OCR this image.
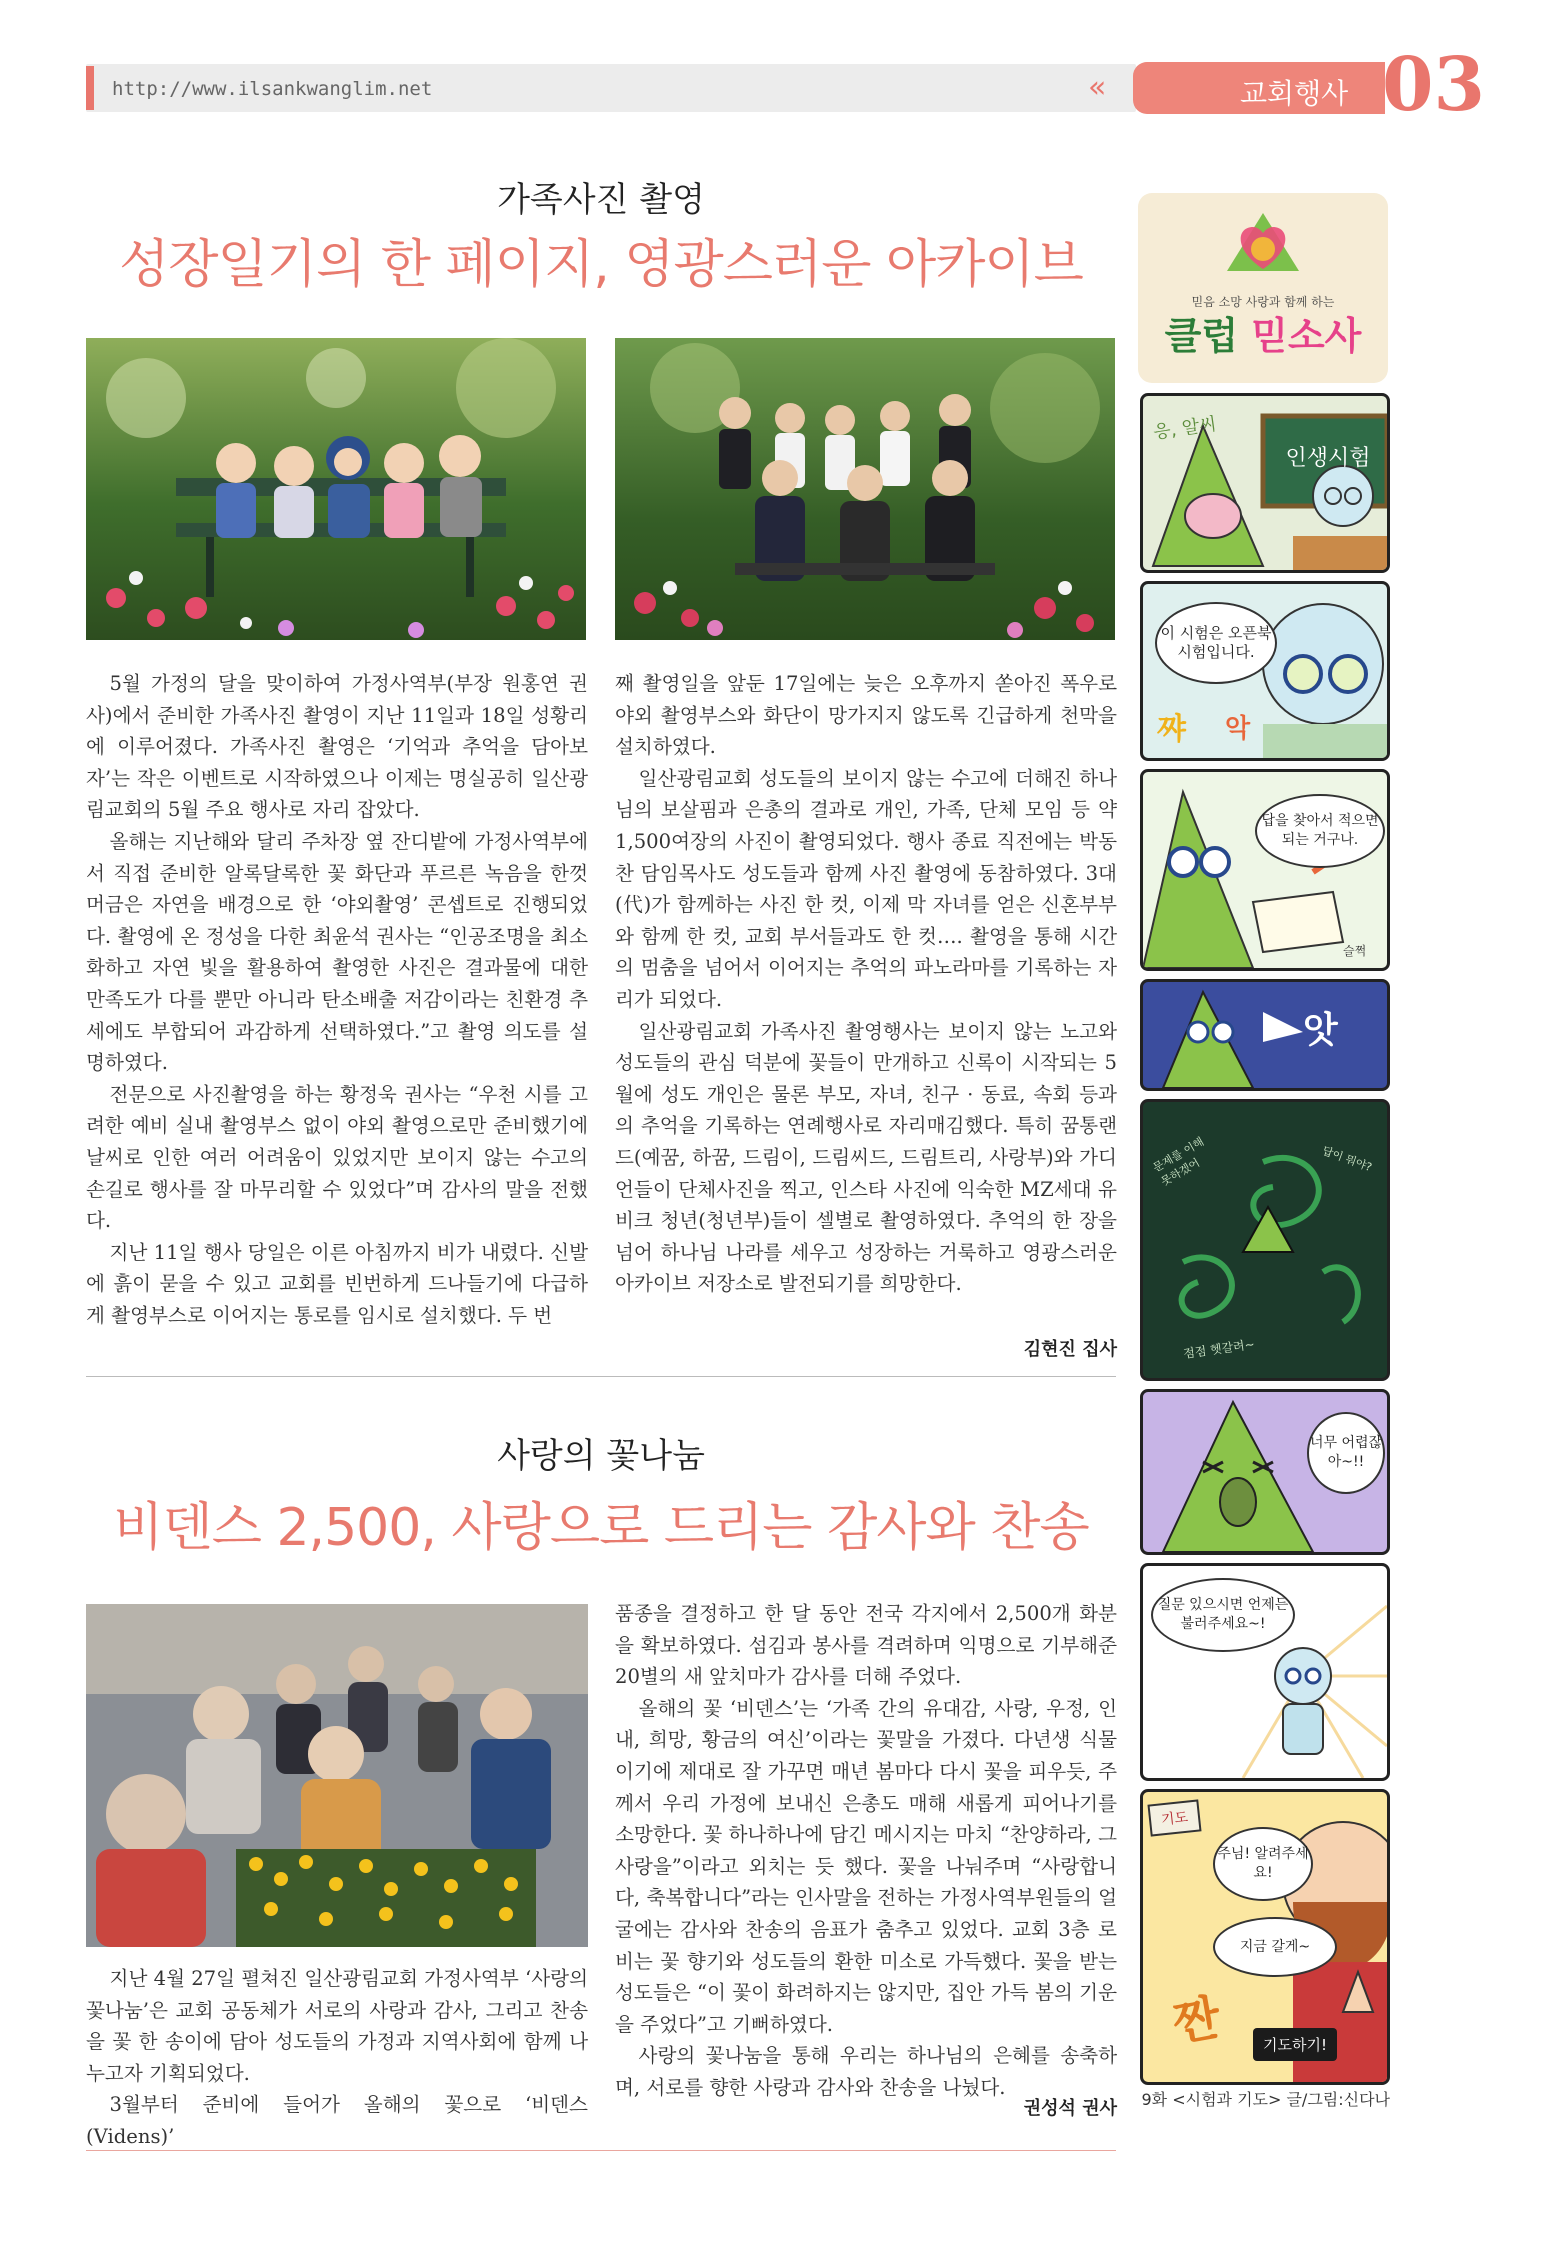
http://www.ilsankwanglim.net	«	교회행사 03
가족사진 촬영
성장일기의 한 페이지, 영광스러운 아카이브

5월 가정의 달을 맞이하여 가정사역부(부장 원홍연 권사)에서 준비한 가족사진 촬영이 지난 11일과 18일 성황리에 이루어졌다. 가족사진 촬영은 ‘기억과 추억을 담아보자’는 작은 이벤트로 시작하였으나 이제는 명실공히 일산광림교회의 5월 주요 행사로 자리 잡았다.

올해는 지난해와 달리 주차장 옆 잔디밭에 가정사역부에서 직접 준비한 알록달록한 꽃 화단과 푸르른 녹음을 한껏 머금은 자연을 배경으로 한 ‘야외촬영’ 콘셉트로 진행되었다. 촬영에 온 정성을 다한 최윤석 권사는 “인공조명을 최소화하고 자연 빛을 활용하여 촬영한 사진은 결과물에 대한 만족도가 다를 뿐만 아니라 탄소배출 저감이라는 친환경 추세에도 부합되어 과감하게 선택하였다.”고 촬영 의도를 설명하였다.

전문으로 사진촬영을 하는 황정욱 권사는 “우천 시를 고려한 예비 실내 촬영부스 없이 야외 촬영으로만 준비했기에 날씨로 인한 여러 어려움이 있었지만 보이지 않는 수고의 손길로 행사를 잘 마무리할 수 있었다”며 감사의 말을 전했다.

지난 11일 행사 당일은 이른 아침까지 비가 내렸다. 신발에 흙이 묻을 수 있고 교회를 빈번하게 드나들기에 다급하게 촬영부스로 이어지는 통로를 임시로 설치했다. 두 번

째 촬영일을 앞둔 17일에는 늦은 오후까지 쏟아진 폭우로 야외 촬영부스와 화단이 망가지지 않도록 긴급하게 천막을 설치하였다.

일산광림교회 성도들의 보이지 않는 수고에 더해진 하나님의 보살핌과 은총의 결과로 개인, 가족, 단체 모임 등 약 1,500여장의 사진이 촬영되었다. 행사 종료 직전에는 박동찬 담임목사도 성도들과 함께 사진 촬영에 동참하였다. 3대(代)가 함께하는 사진 한 컷, 이제 막 자녀를 얻은 신혼부부와 함께 한 컷, 교회 부서들과도 한 컷…. 촬영을 통해 시간의 멈춤을 넘어서 이어지는 추억의 파노라마를 기록하는 자리가 되었다.

일산광림교회 가족사진 촬영행사는 보이지 않는 노고와 성도들의 관심 덕분에 꽃들이 만개하고 신록이 시작되는 5월에 성도 개인은 물론 부모, 자녀, 친구 · 동료, 속회 등과의 추억을 기록하는 연례행사로 자리매김했다. 특히 꿈통랜드(예꿈, 하꿈, 드림이, 드림씨드, 드림트리, 사랑부)와 가디언들이 단체사진을 찍고, 인스타 사진에 익숙한 MZ세대 유비크 청년(청년부)들이 셀별로 촬영하였다. 추억의 한 장을 넘어 하나님 나라를 세우고 성장하는 거룩하고 영광스러운 아카이브 저장소로 발전되기를 희망한다.

김현진 집사
사랑의 꽃나눔
비덴스 2,500, 사랑으로 드리는 감사와 찬송

지난 4월 27일 펼쳐진 일산광림교회 가정사역부 ‘사랑의 꽃나눔’은 교회 공동체가 서로의 사랑과 감사, 그리고 찬송을 꽃 한 송이에 담아 성도들의 가정과 지역사회에 함께 나누고자 기획되었다.

3월부터 준비에 들어가 올해의 꽃으로 ‘비덴스(Videns)’

품종을 결정하고 한 달 동안 전국 각지에서 2,500개 화분을 확보하였다. 섬김과 봉사를 격려하며 익명으로 기부해준 20별의 새 앞치마가 감사를 더해 주었다.

올해의 꽃 ‘비덴스’는 ‘가족 간의 유대감, 사랑, 우정, 인내, 희망, 황금의 여신’이라는 꽃말을 가졌다. 다년생 식물이기에 제대로 잘 가꾸면 매년 봄마다 다시 꽃을 피우듯, 주께서 우리 가정에 보내신 은총도 매해 새롭게 피어나기를 소망한다. 꽃 하나하나에 담긴 메시지는 마치 “찬양하라, 그 사랑을”이라고 외치는 듯 했다. 꽃을 나눠주며 “사랑합니다, 축복합니다”라는 인사말을 전하는 가정사역부원들의 얼굴에는 감사와 찬송의 음표가 춤추고 있었다. 교회 3층 로비는 꽃 향기와 성도들의 환한 미소로 가득했다. 꽃을 받는 성도들은 “이 꽃이 화려하지는 않지만, 집안 가득 봄의 기운을 주었다”고 기뻐하였다.

사랑의 꽃나눔을 통해 우리는 하나님의 은혜를 송축하며, 서로를 향한 사랑과 감사와 찬송을 나눴다.

권성석 권사
믿음 소망 사랑과 함께 하는
클럽 믿소사
응, 알씨
인생시험
이 시험은 오픈북 시험입니다.
쨔 악
답을 찾아서 적으면 되는 거구나.
슬쩍
앗
문제를 이해 못하겠어	답이 뭐야?
점점 헷갈려~
너무 어렵잖아~!!
질문 있으시면 언제든 불러주세요~!
기도
주님! 알려주세요!
지금 갈게~
짠	기도하기!
9화 <시험과 기도> 글/그림:신다나
